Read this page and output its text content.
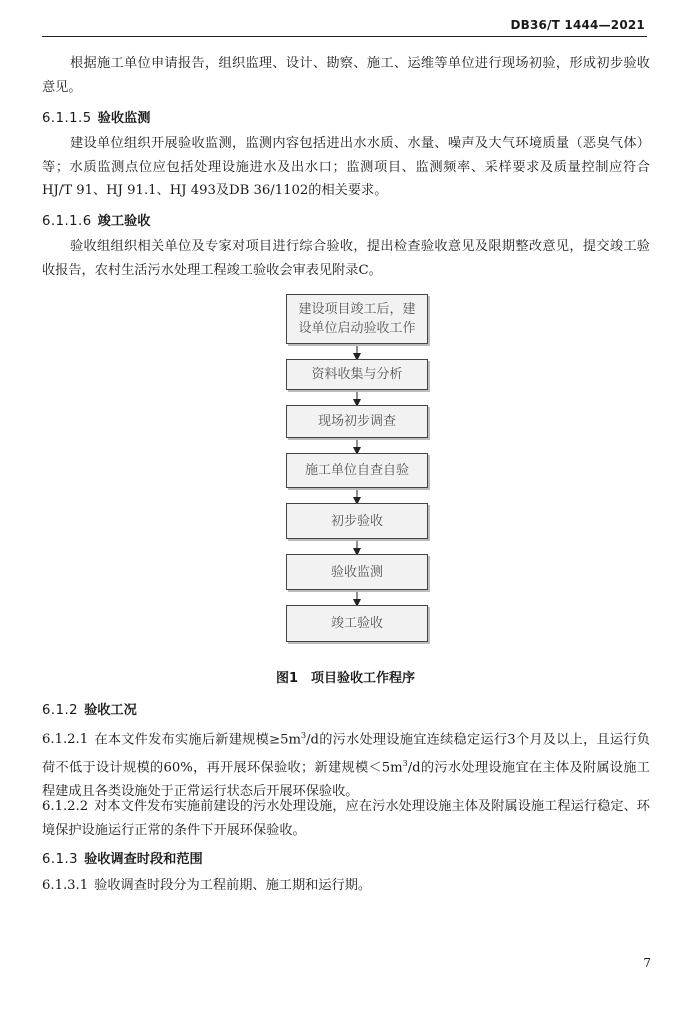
DB36/T 1444—2021
根据施工单位申请报告，组织监理、设计、勘察、施工、运维等单位进行现场初验，形成初步验收意见。
6.1.1.5 验收监测
建设单位组织开展验收监测，监测内容包括进出水水质、水量、噪声及大气环境质量（恶臭气体）等；水质监测点位应包括处理设施进水及出水口；监测项目、监测频率、采样要求及质量控制应符合HJ/T 91、HJ 91.1、HJ 493及DB 36/1102的相关要求。
6.1.1.6 竣工验收
验收组组织相关单位及专家对项目进行综合验收，提出检查验收意见及限期整改意见，提交竣工验收报告，农村生活污水处理工程竣工验收会审表见附录C。
建设项目竣工后，建设单位启动验收工作
资料收集与分析
现场初步调查
施工单位自查自验
初步验收
验收监测
竣工验收
图1　项目验收工作程序
6.1.2 验收工况
6.1.2.1 在本文件发布实施后新建规模$\ge 5m^3/d$的污水处理设施宜连续稳定运行3个月及以上，且运行负荷不低于设计规模的60%，再开展环保验收；新建规模$<5m^3/d$的污水处理设施宜在主体及附属设施工程建成且各类设施处于正常运行状态后开展环保验收。
6.1.2.2 对本文件发布实施前建设的污水处理设施，应在污水处理设施主体及附属设施工程运行稳定、环境保护设施运行正常的条件下开展环保验收。
6.1.3 验收调查时段和范围
6.1.3.1 验收调查时段分为工程前期、施工期和运行期。
7
